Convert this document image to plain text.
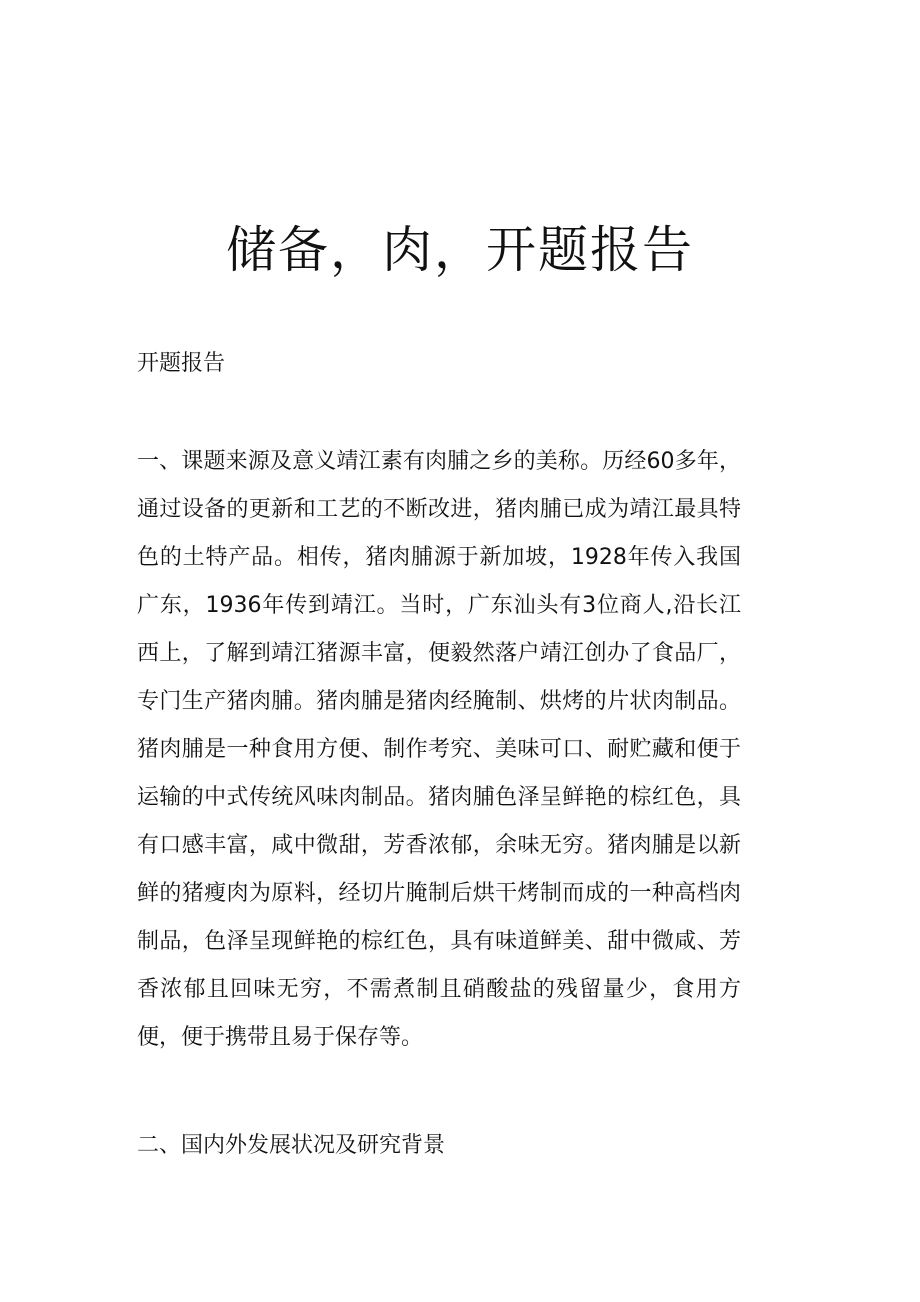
储备，肉，开题报告
开题报告

一、课题来源及意义靖江素有肉脯之乡的美称。历经60多年，通过设备的更新和工艺的不断改进，猪肉脯已成为靖江最具特色的土特产品。相传，猪肉脯源于新加坡，1928年传入我国广东，1936年传到靖江。当时，广东汕头有3位商人,沿长江西上，了解到靖江猪源丰富，便毅然落户靖江创办了食品厂，专门生产猪肉脯。猪肉脯是猪肉经腌制、烘烤的片状肉制品。猪肉脯是一种食用方便、制作考究、美味可口、耐贮藏和便于运输的中式传统风味肉制品。猪肉脯色泽呈鲜艳的棕红色，具有口感丰富，咸中微甜，芳香浓郁，余味无穷。猪肉脯是以新鲜的猪瘦肉为原料，经切片腌制后烘干烤制而成的一种高档肉制品，色泽呈现鲜艳的棕红色，具有味道鲜美、甜中微咸、芳香浓郁且回味无穷，不需煮制且硝酸盐的残留量少，食用方便，便于携带且易于保存等。

二、国内外发展状况及研究背景
